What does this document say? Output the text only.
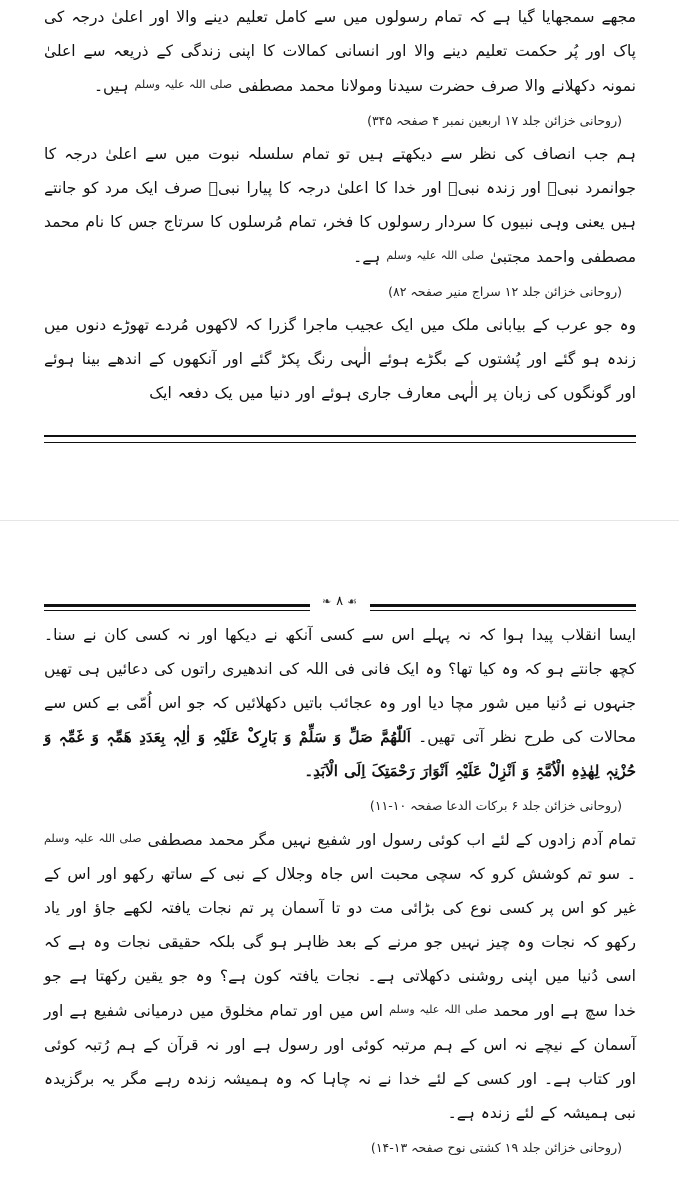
مجھے سمجھایا گیا ہے کہ تمام رسولوں میں سے کامل تعلیم دینے والا اور اعلیٰ درجہ کی پاک اور پُر حکمت تعلیم دینے والا اور انسانی کمالات کا اپنی زندگی کے ذریعہ سے اعلیٰ نمونہ دکھلانے والا صرف حضرت سیدنا ومولانا محمد مصطفی صلی اللہ علیہ وسلم ہیں۔

(روحانی خزائن جلد ۱۷ اربعین نمبر ۴ صفحہ ۳۴۵)

ہم جب انصاف کی نظر سے دیکھتے ہیں تو تمام سلسلہ نبوت میں سے اعلیٰ درجہ کا جوانمرد نبیؐ اور زندہ نبیؐ اور خدا کا اعلیٰ درجہ کا پیارا نبیؐ صرف ایک مرد کو جانتے ہیں یعنی وہی نبیوں کا سردار رسولوں کا فخر، تمام مُرسلوں کا سرتاج جس کا نام محمد مصطفی واحمد مجتبیٰ صلی اللہ علیہ وسلم ہے۔

(روحانی خزائن جلد ۱۲ سراج منیر صفحہ ۸۲)

وہ جو عرب کے بیابانی ملک میں ایک عجیب ماجرا گزرا کہ لاکھوں مُردے تھوڑے دنوں میں زندہ ہو گئے اور پُشتوں کے بگڑے ہوئے الٰہی رنگ پکڑ گئے اور آنکھوں کے اندھے بینا ہوئے اور گونگوں کی زبان پر الٰہی معارف جاری ہوئے اور دنیا میں یک دفعہ ایک

❧ ۸ ☙

ایسا انقلاب پیدا ہوا کہ نہ پہلے اس سے کسی آنکھ نے دیکھا اور نہ کسی کان نے سنا۔ کچھ جانتے ہو کہ وہ کیا تھا؟ وہ ایک فانی فی اللہ کی اندھیری راتوں کی دعائیں ہی تھیں جنہوں نے دُنیا میں شور مچا دیا اور وہ عجائب باتیں دکھلائیں کہ جو اس اُمّی بے کس سے محالات کی طرح نظر آتی تھیں۔ اَللّٰھُمَّ صَلِّ وَ سَلِّمْ وَ بَارِکْ عَلَیْہِ وَ اٰلِہٖ بِعَدَدِ ھَمِّہٖ وَ غَمِّہٖ وَ حُزْنِہٖ لِھٰذِہِ الْاُمَّۃِ وَ اَنْزِلْ عَلَیْہِ اَنْوَارَ رَحْمَتِکَ اِلَی الْاَبَدِ۔

(روحانی خزائن جلد ۶ برکات الدعا صفحہ ۱۰-۱۱)

تمام آدم زادوں کے لئے اب کوئی رسول اور شفیع نہیں مگر محمد مصطفی صلی اللہ علیہ وسلم ۔ سو تم کوشش کرو کہ سچی محبت اس جاہ وجلال کے نبی کے ساتھ رکھو اور اس کے غیر کو اس پر کسی نوع کی بڑائی مت دو تا آسمان پر تم نجات یافتہ لکھے جاؤ اور یاد رکھو کہ نجات وہ چیز نہیں جو مرنے کے بعد ظاہر ہو گی بلکہ حقیقی نجات وہ ہے کہ اسی دُنیا میں اپنی روشنی دکھلاتی ہے۔ نجات یافتہ کون ہے؟ وہ جو یقین رکھتا ہے جو خدا سچ ہے اور محمد صلی اللہ علیہ وسلم اس میں اور تمام مخلوق میں درمیانی شفیع ہے اور آسمان کے نیچے نہ اس کے ہم مرتبہ کوئی اور رسول ہے اور نہ قرآن کے ہم رُتبہ کوئی اور کتاب ہے۔ اور کسی کے لئے خدا نے نہ چاہا کہ وہ ہمیشہ زندہ رہے مگر یہ برگزیدہ نبی ہمیشہ کے لئے زندہ ہے۔

(روحانی خزائن جلد ۱۹ کشتی نوح صفحہ ۱۳-۱۴)
